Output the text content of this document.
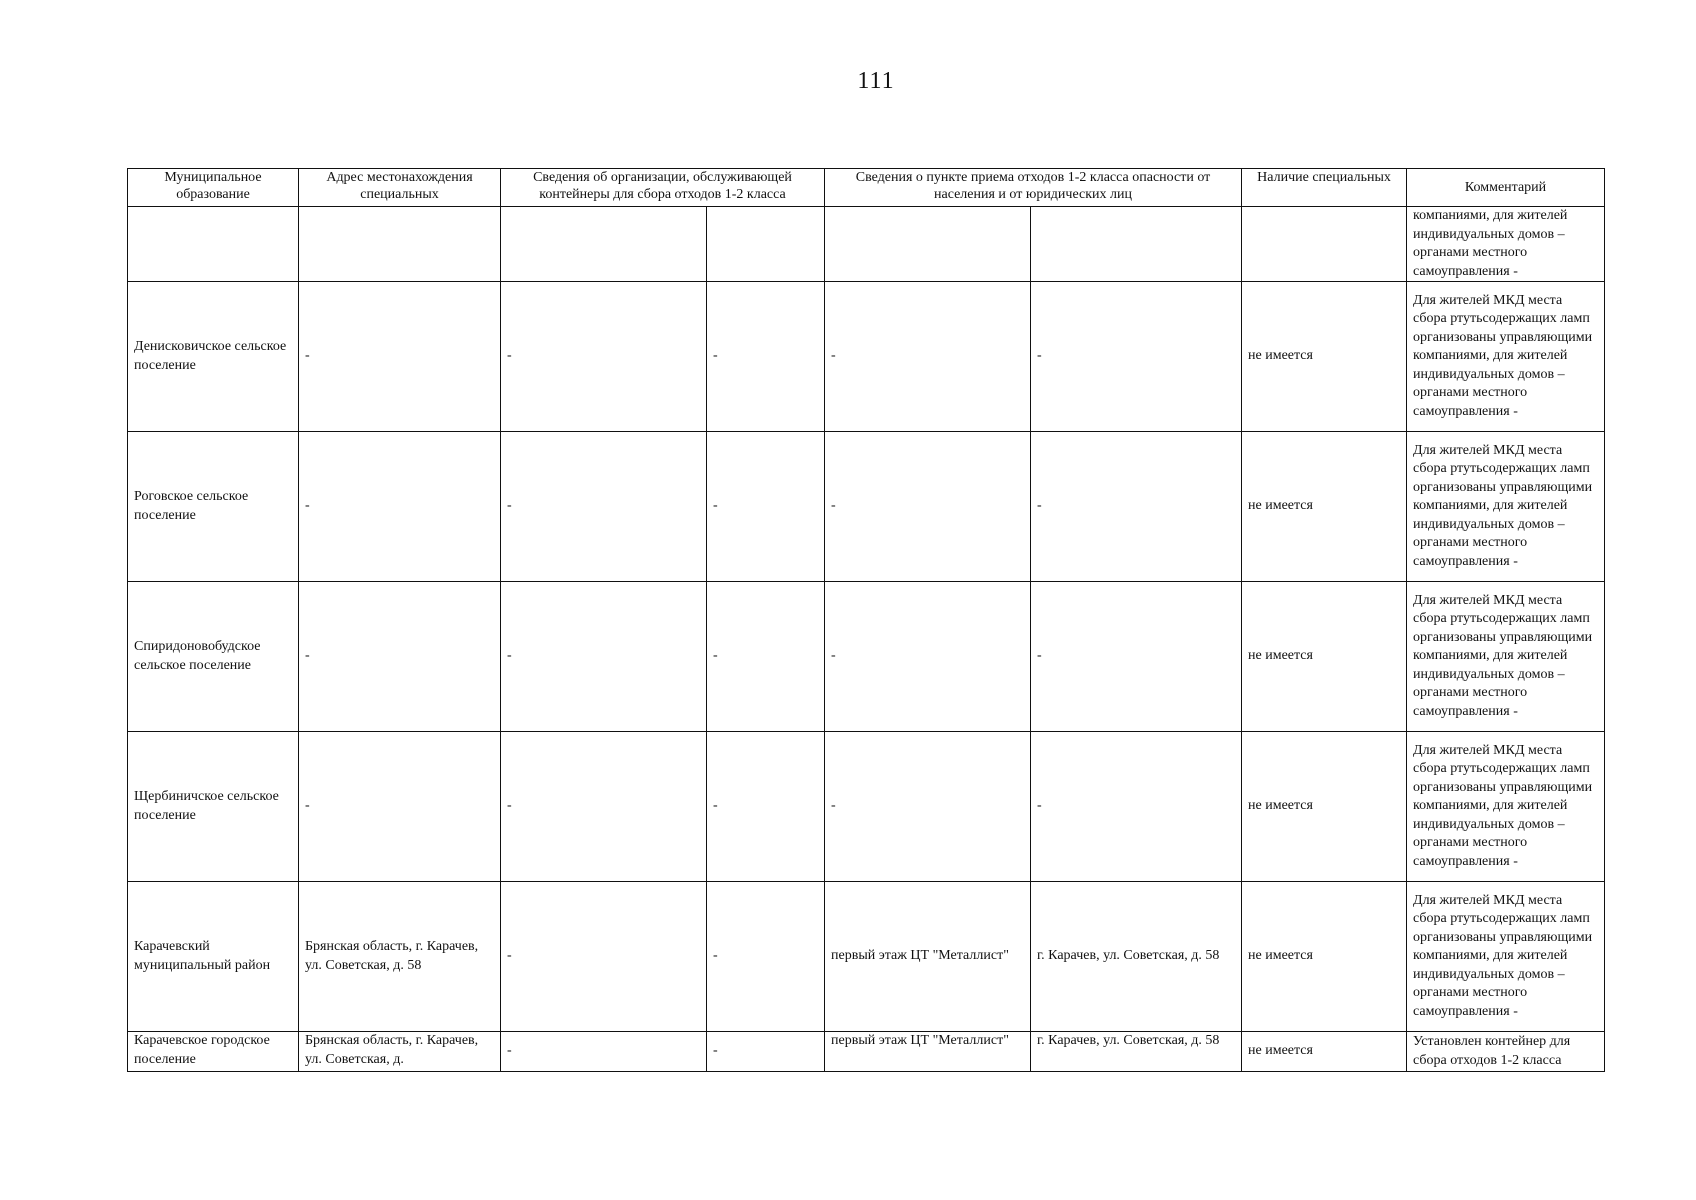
111
Муниципальное образование	Адрес местонахождения специальных	Сведения об организации, обслуживающей контейнеры для сбора отходов 1-2 класса		Сведения о пункте приема отходов 1-2 класса опасности от населения и от юридических лиц		Наличие специальных	Комментарий
							компаниями, для жителей индивидуальных домов – органами местного самоуправления -
Денисковичское сельское поселение	-	-	-	-	-	не имеется	Для жителей МКД места сбора ртутьсодержащих ламп организованы управляющими компаниями, для жителей индивидуальных домов – органами местного самоуправления -
Роговское сельское поселение	-	-	-	-	-	не имеется	Для жителей МКД места сбора ртутьсодержащих ламп организованы управляющими компаниями, для жителей индивидуальных домов – органами местного самоуправления -
Спиридоновобудское сельское поселение	-	-	-	-	-	не имеется	Для жителей МКД места сбора ртутьсодержащих ламп организованы управляющими компаниями, для жителей индивидуальных домов – органами местного самоуправления -
Щербиничское сельское поселение	-	-	-	-	-	не имеется	Для жителей МКД места сбора ртутьсодержащих ламп организованы управляющими компаниями, для жителей индивидуальных домов – органами местного самоуправления -
Карачевский муниципальный район	Брянская область, г. Карачев, ул. Советская, д. 58	-	-	первый этаж ЦТ "Металлист"	г. Карачев, ул. Советская, д. 58	не имеется	Для жителей МКД места сбора ртутьсодержащих ламп организованы управляющими компаниями, для жителей индивидуальных домов – органами местного самоуправления -
Карачевское городское поселение	Брянская область, г. Карачев, ул. Советская, д.	-	-	первый этаж ЦТ "Металлист"	г. Карачев, ул. Советская, д. 58	не имеется	Установлен контейнер для сбора отходов 1-2 класса
